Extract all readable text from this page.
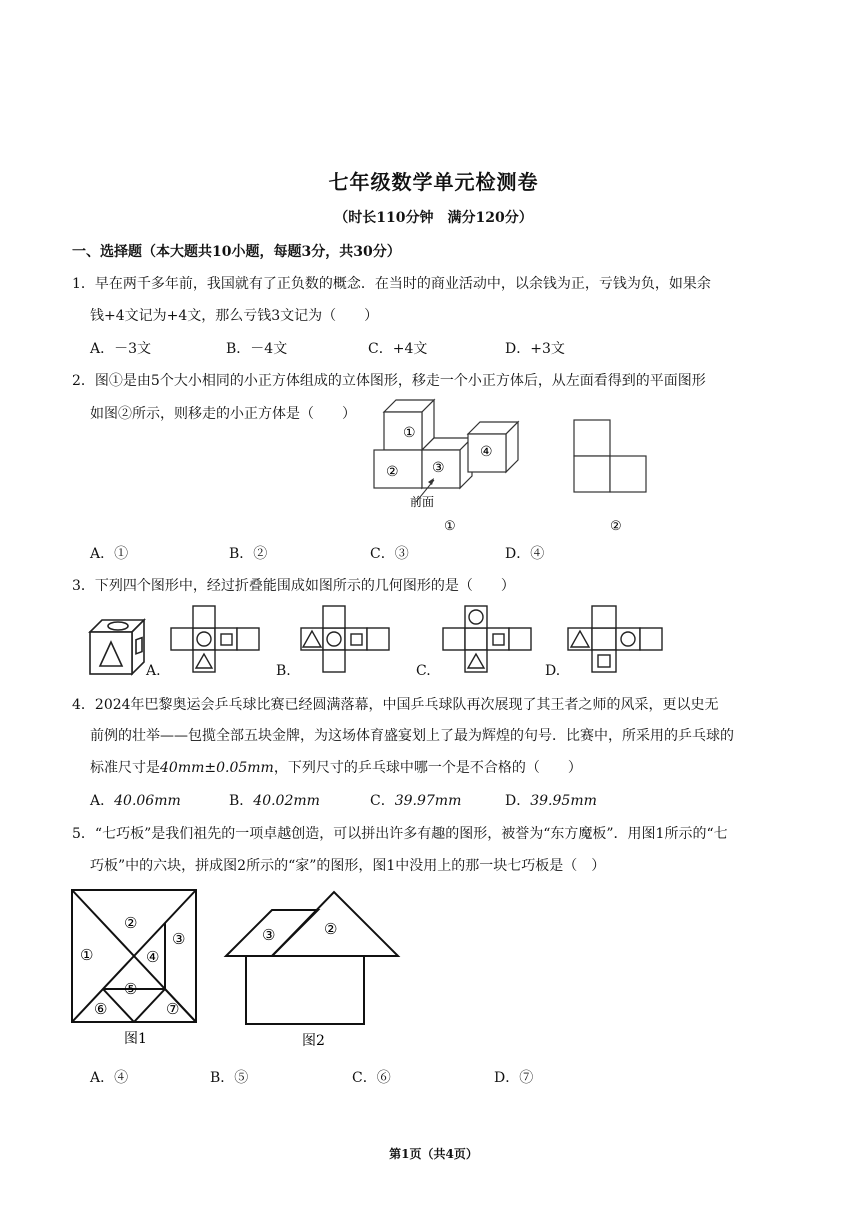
七年级数学单元检测卷
（时长110分钟　满分120分）
一、选择题（本大题共10小题，每题3分，共30分）
1．早在两千多年前，我国就有了正负数的概念．在当时的商业活动中，以余钱为正，亏钱为负，如果余
钱+4文记为+4文，那么亏钱3文记为（　　）
A．－3文	B．－4文	C．+4文	D．+3文
2．图①是由5个大小相同的小正方体组成的立体图形，移走一个小正方体后，从左面看得到的平面图形
如图②所示，则移走的小正方体是（　　）
①
② ③
④
前面
①	②
A．①	B．②	C．③	D．④
3．下列四个图形中，经过折叠能围成如图所示的几何图形的是（　　）
A.	B.	C.	D.
4．2024年巴黎奥运会乒乓球比赛已经圆满落幕，中国乒乓球队再次展现了其王者之师的风采，更以史无
前例的壮举——包揽全部五块金牌，为这场体育盛宴划上了最为辉煌的句号．比赛中，所采用的乒乓球的
标准尺寸是40mm±0.05mm，下列尺寸的乒乓球中哪一个是不合格的（　　）
A．40.06mm	B．40.02mm	C．39.97mm	D．39.95mm
5．“七巧板”是我们祖先的一项卓越创造，可以拼出许多有趣的图形，被誉为“东方魔板”．用图1所示的“七
巧板”中的六块，拼成图2所示的“家”的图形，图1中没用上的那一块七巧板是（　）
②
①
③
④
⑤
⑥	⑦
图1
③	②
图2
A．④	B．⑤	C．⑥	D．⑦
第1页（共4页）
